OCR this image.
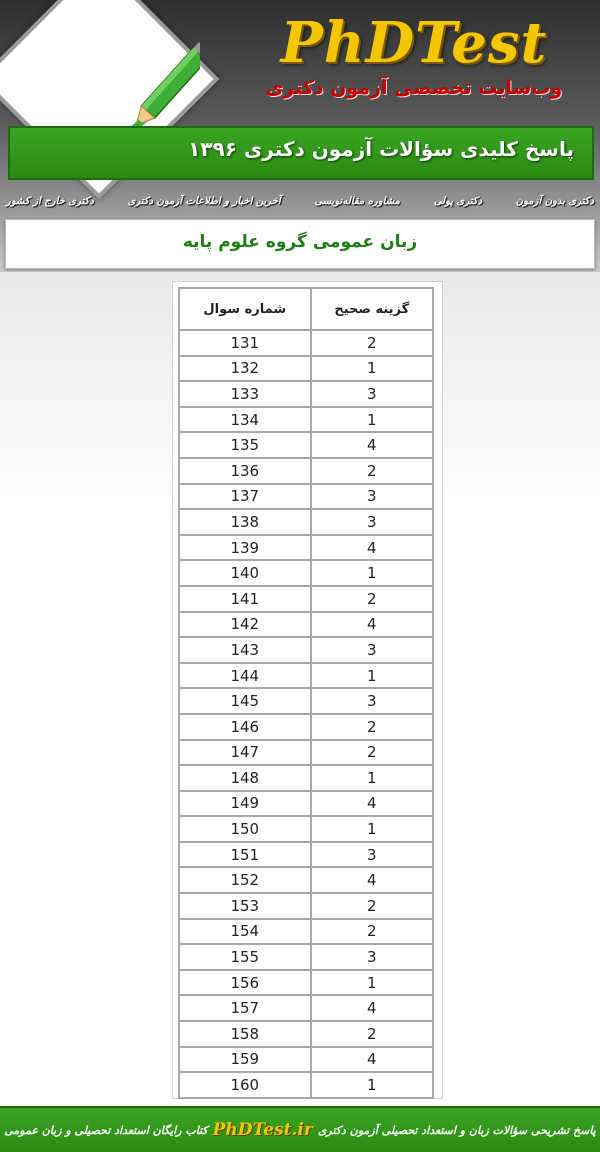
PhDTest
وب‌سایت تخصصی آزمون دکتری
پاسخ کلیدی سؤالات آزمون دکتری ۱۳۹۶
دکتری بدون آزمون
دکتری پولی
مشاوره مقاله‌نویسی
آخرین اخبار و اطلاعات آزمون دکتری
دکتری خارج از کشور
زبان عمومی گروه علوم پایه
شماره سوال	گزینه صحیح
131	2
132	1
133	3
134	1
135	4
136	2
137	3
138	3
139	4
140	1
141	2
142	4
143	3
144	1
145	3
146	2
147	2
148	1
149	4
150	1
151	3
152	4
153	2
154	2
155	3
156	1
157	4
158	2
159	4
160	1
پاسخ تشریحی سؤالات زبان و استعداد تحصیلی آزمون دکتری
PhDTest.ir
کتاب رایگان استعداد تحصیلی و زبان عمومی
